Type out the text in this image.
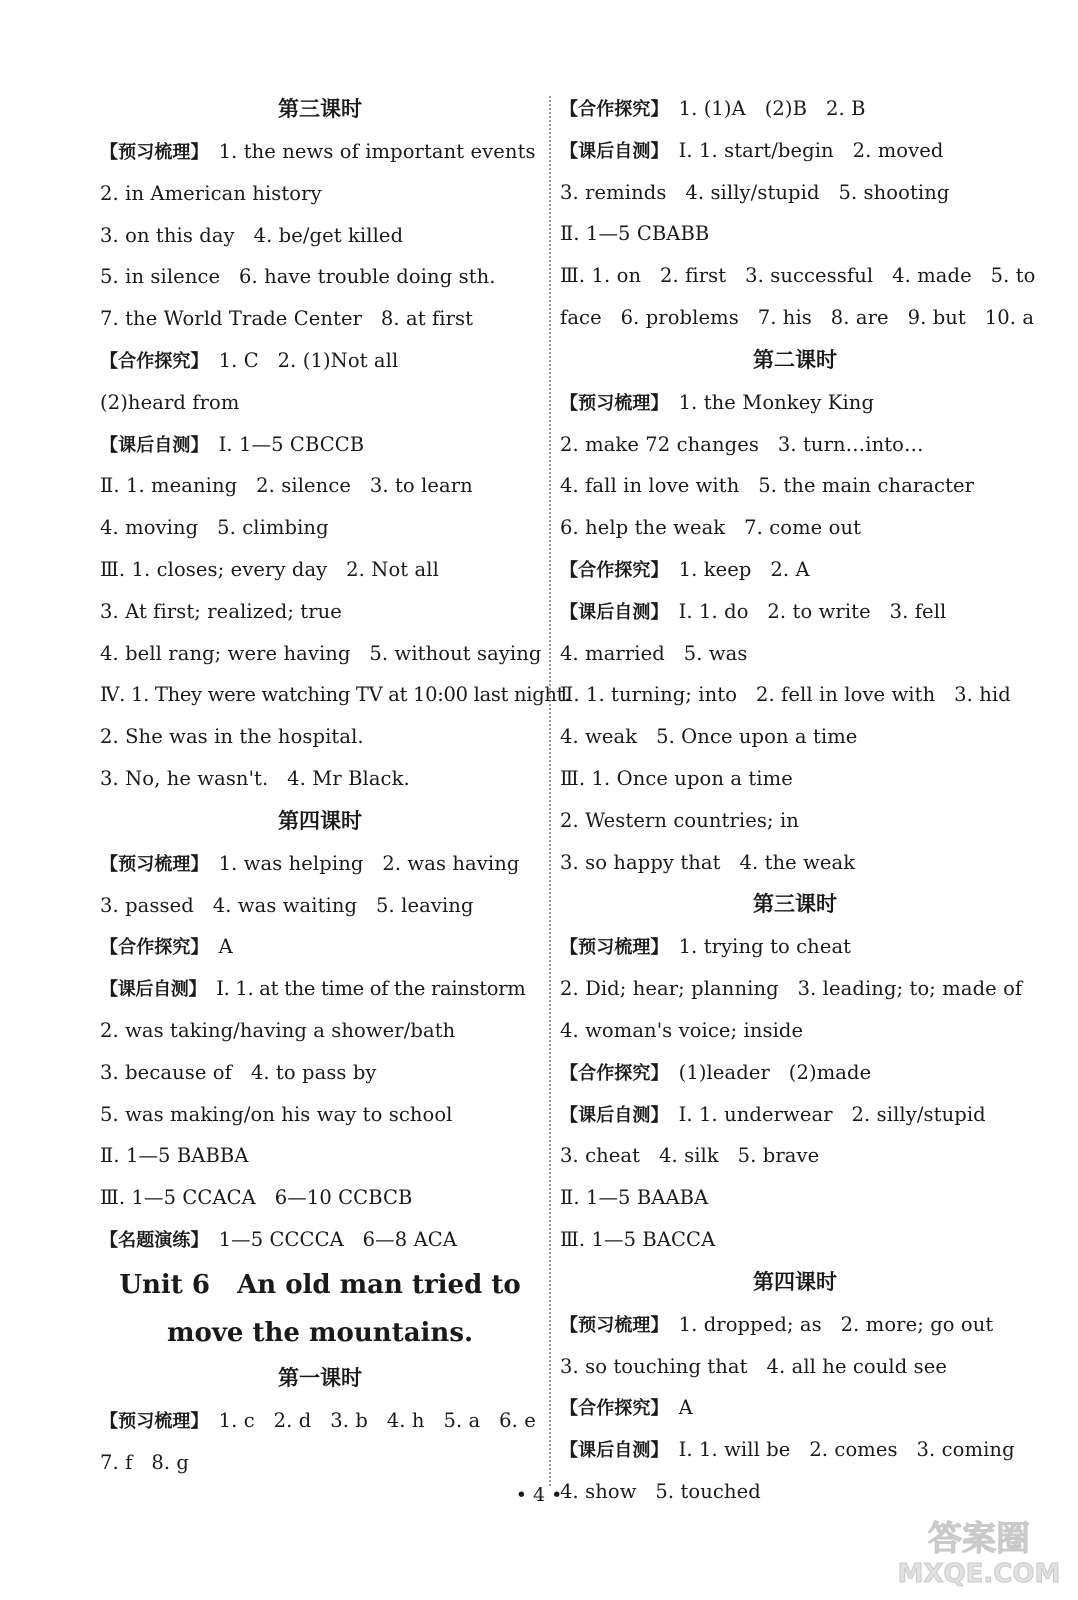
第三课时
【预习梳理】 1. the news of important events
2. in American history
3. on this day   4. be/get killed
5. in silence   6. have trouble doing sth.
7. the World Trade Center   8. at first
【合作探究】 1. C   2. (1)Not all
(2)heard from
【课后自测】 Ⅰ. 1—5 CBCCB
Ⅱ. 1. meaning   2. silence   3. to learn
4. moving   5. climbing
Ⅲ. 1. closes; every day   2. Not all
3. At first; realized; true
4. bell rang; were having   5. without saying
Ⅳ. 1. They were watching TV at 10:00 last night.
2. She was in the hospital.
3. No, he wasn't.   4. Mr Black.
第四课时
【预习梳理】 1. was helping   2. was having
3. passed   4. was waiting   5. leaving
【合作探究】 A
【课后自测】 Ⅰ. 1. at the time of the rainstorm
2. was taking/having a shower/bath
3. because of   4. to pass by
5. was making/on his way to school
Ⅱ. 1—5 BABBA
Ⅲ. 1—5 CCACA   6—10 CCBCB
【名题演练】 1—5 CCCCA   6—8 ACA
Unit 6   An old man tried to
move the mountains.
第一课时
【预习梳理】 1. c   2. d   3. b   4. h   5. a   6. e
7. f   8. g
【合作探究】 1. (1)A   (2)B   2. B
【课后自测】 Ⅰ. 1. start/begin   2. moved
3. reminds   4. silly/stupid   5. shooting
Ⅱ. 1—5 CBABB
Ⅲ. 1. on   2. first   3. successful   4. made   5. to
face   6. problems   7. his   8. are   9. but   10. a
第二课时
【预习梳理】 1. the Monkey King
2. make 72 changes   3. turn…into…
4. fall in love with   5. the main character
6. help the weak   7. come out
【合作探究】 1. keep   2. A
【课后自测】 Ⅰ. 1. do   2. to write   3. fell
4. married   5. was
Ⅱ. 1. turning; into   2. fell in love with   3. hid
4. weak   5. Once upon a time
Ⅲ. 1. Once upon a time
2. Western countries; in
3. so happy that   4. the weak
第三课时
【预习梳理】 1. trying to cheat
2. Did; hear; planning   3. leading; to; made of
4. woman's voice; inside
【合作探究】 (1)leader   (2)made
【课后自测】 Ⅰ. 1. underwear   2. silly/stupid
3. cheat   4. silk   5. brave
Ⅱ. 1—5 BAABA
Ⅲ. 1—5 BACCA
第四课时
【预习梳理】 1. dropped; as   2. more; go out
3. so touching that   4. all he could see
【合作探究】 A
【课后自测】 Ⅰ. 1. will be   2. comes   3. coming
4. show   5. touched
• 4 •
答案圈
MXQE.COM
